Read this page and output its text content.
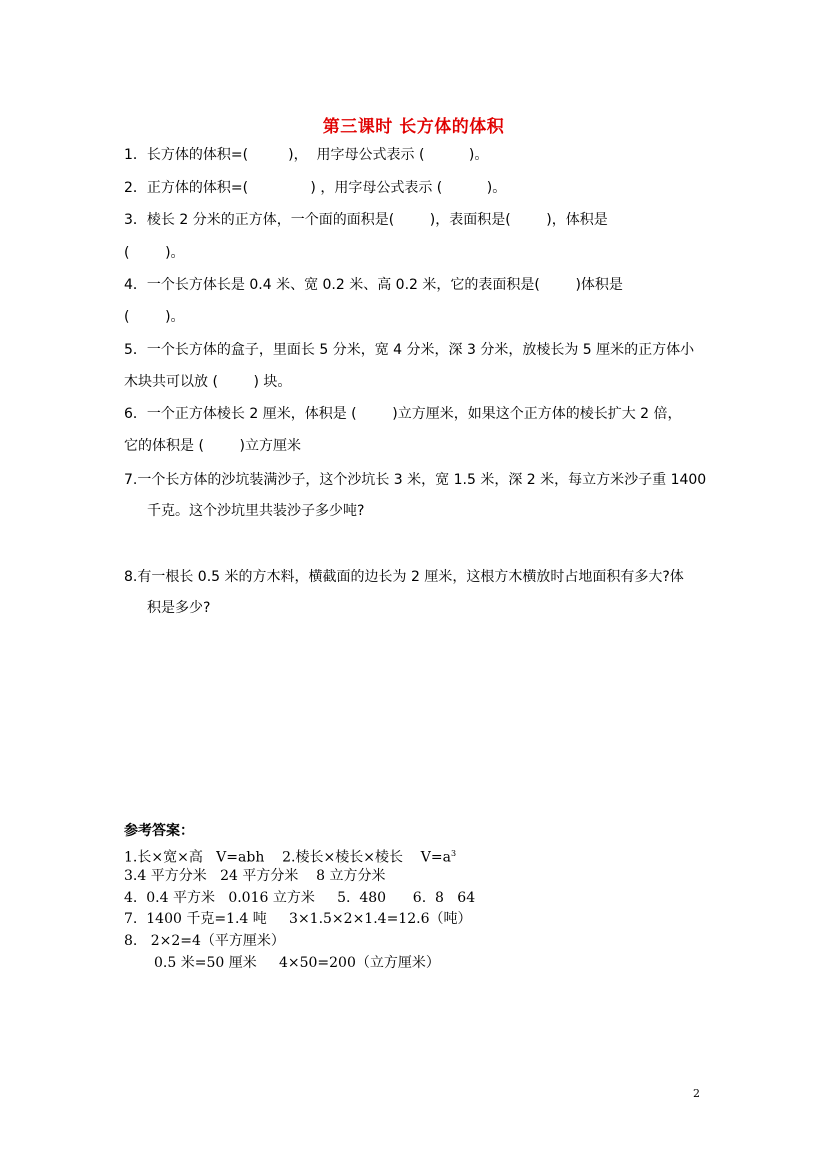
第三课时 长方体的体积
1．长方体的体积=(         )，  用字母公式表示 (          )。
2．正方体的体积=(              ) ，用字母公式表示 (          )。
3．棱长 2 分米的正方体，一个面的面积是(        )，表面积是(        )，体积是
(        )。
4．一个长方体长是 0.4 米、宽 0.2 米、高 0.2 米，它的表面积是(        )体积是
(        )。
5．一个长方体的盒子，里面长 5 分米，宽 4 分米，深 3 分米，放棱长为 5 厘米的正方体小
木块共可以放 (        ) 块。
6．一个正方体棱长 2 厘米，体积是 (        )立方厘米，如果这个正方体的棱长扩大 2 倍，
它的体积是 (        )立方厘米
7.一个长方体的沙坑装满沙子，这个沙坑长 3 米，宽 1.5 米，深 2 米，每立方米沙子重 1400
千克。这个沙坑里共装沙子多少吨?
8.有一根长 0.5 米的方木料，横截面的边长为 2 厘米，这根方木横放时占地面积有多大?体
积是多少?
参考答案：
1.长×宽×高   V=abh    2.棱长×棱长×棱长    $V=a^3$
3.4 平方分米   24 平方分米    8 立方分米
4.  0.4 平方米   0.016 立方米     5.  480      6.  8   64
7.  1400 千克=1.4 吨     3×1.5×2×1.4=12.6（吨）
8.   2×2=4（平方厘米）
0.5 米=50 厘米     4×50=200（立方厘米）
2
